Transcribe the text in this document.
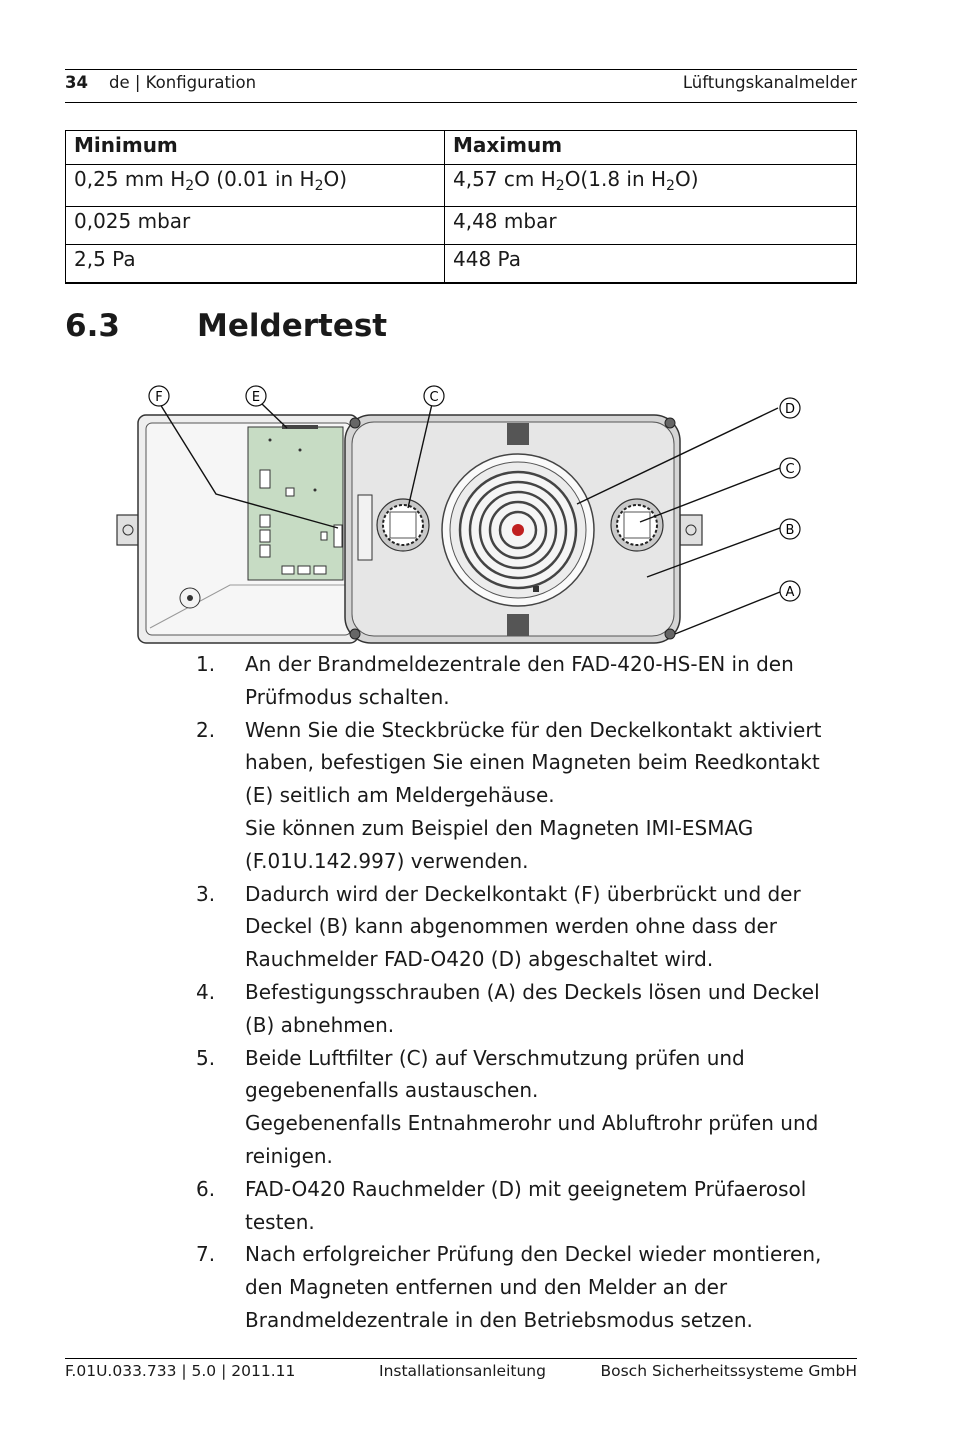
34 de | Konfiguration	Lüftungskanalmelder
Minimum	Maximum
0,25 mm $H_2O$ (0.01 in $H_2O$)	4,57 cm $H_2O(1.8$ in $H_2O$)
0,025 mbar	4,48 mbar
2,5 Pa	448 Pa
6.3 Meldertest
F	E	C
D
C
B
A
1. An der Brandmeldezentrale den FAD-420-HS-EN in den
Prüfmodus schalten.
2. Wenn Sie die Steckbrücke für den Deckelkontakt aktiviert
haben, befestigen Sie einen Magneten beim Reedkontakt
(E) seitlich am Meldergehäuse.
Sie können zum Beispiel den Magneten IMI-ESMAG
(F.01U.142.997) verwenden.
3. Dadurch wird der Deckelkontakt (F) überbrückt und der
Deckel (B) kann abgenommen werden ohne dass der
Rauchmelder FAD-O420 (D) abgeschaltet wird.
4. Befestigungsschrauben (A) des Deckels lösen und Deckel
(B) abnehmen.
5. Beide Luftfilter (C) auf Verschmutzung prüfen und
gegebenenfalls austauschen.
Gegebenenfalls Entnahmerohr und Abluftrohr prüfen und
reinigen.
6. FAD-O420 Rauchmelder (D) mit geeignetem Prüfaerosol
testen.
7. Nach erfolgreicher Prüfung den Deckel wieder montieren,
den Magneten entfernen und den Melder an der
Brandmeldezentrale in den Betriebsmodus setzen.
F.01U.033.733 | 5.0 | 2011.11	Installationsanleitung	Bosch Sicherheitssysteme GmbH
